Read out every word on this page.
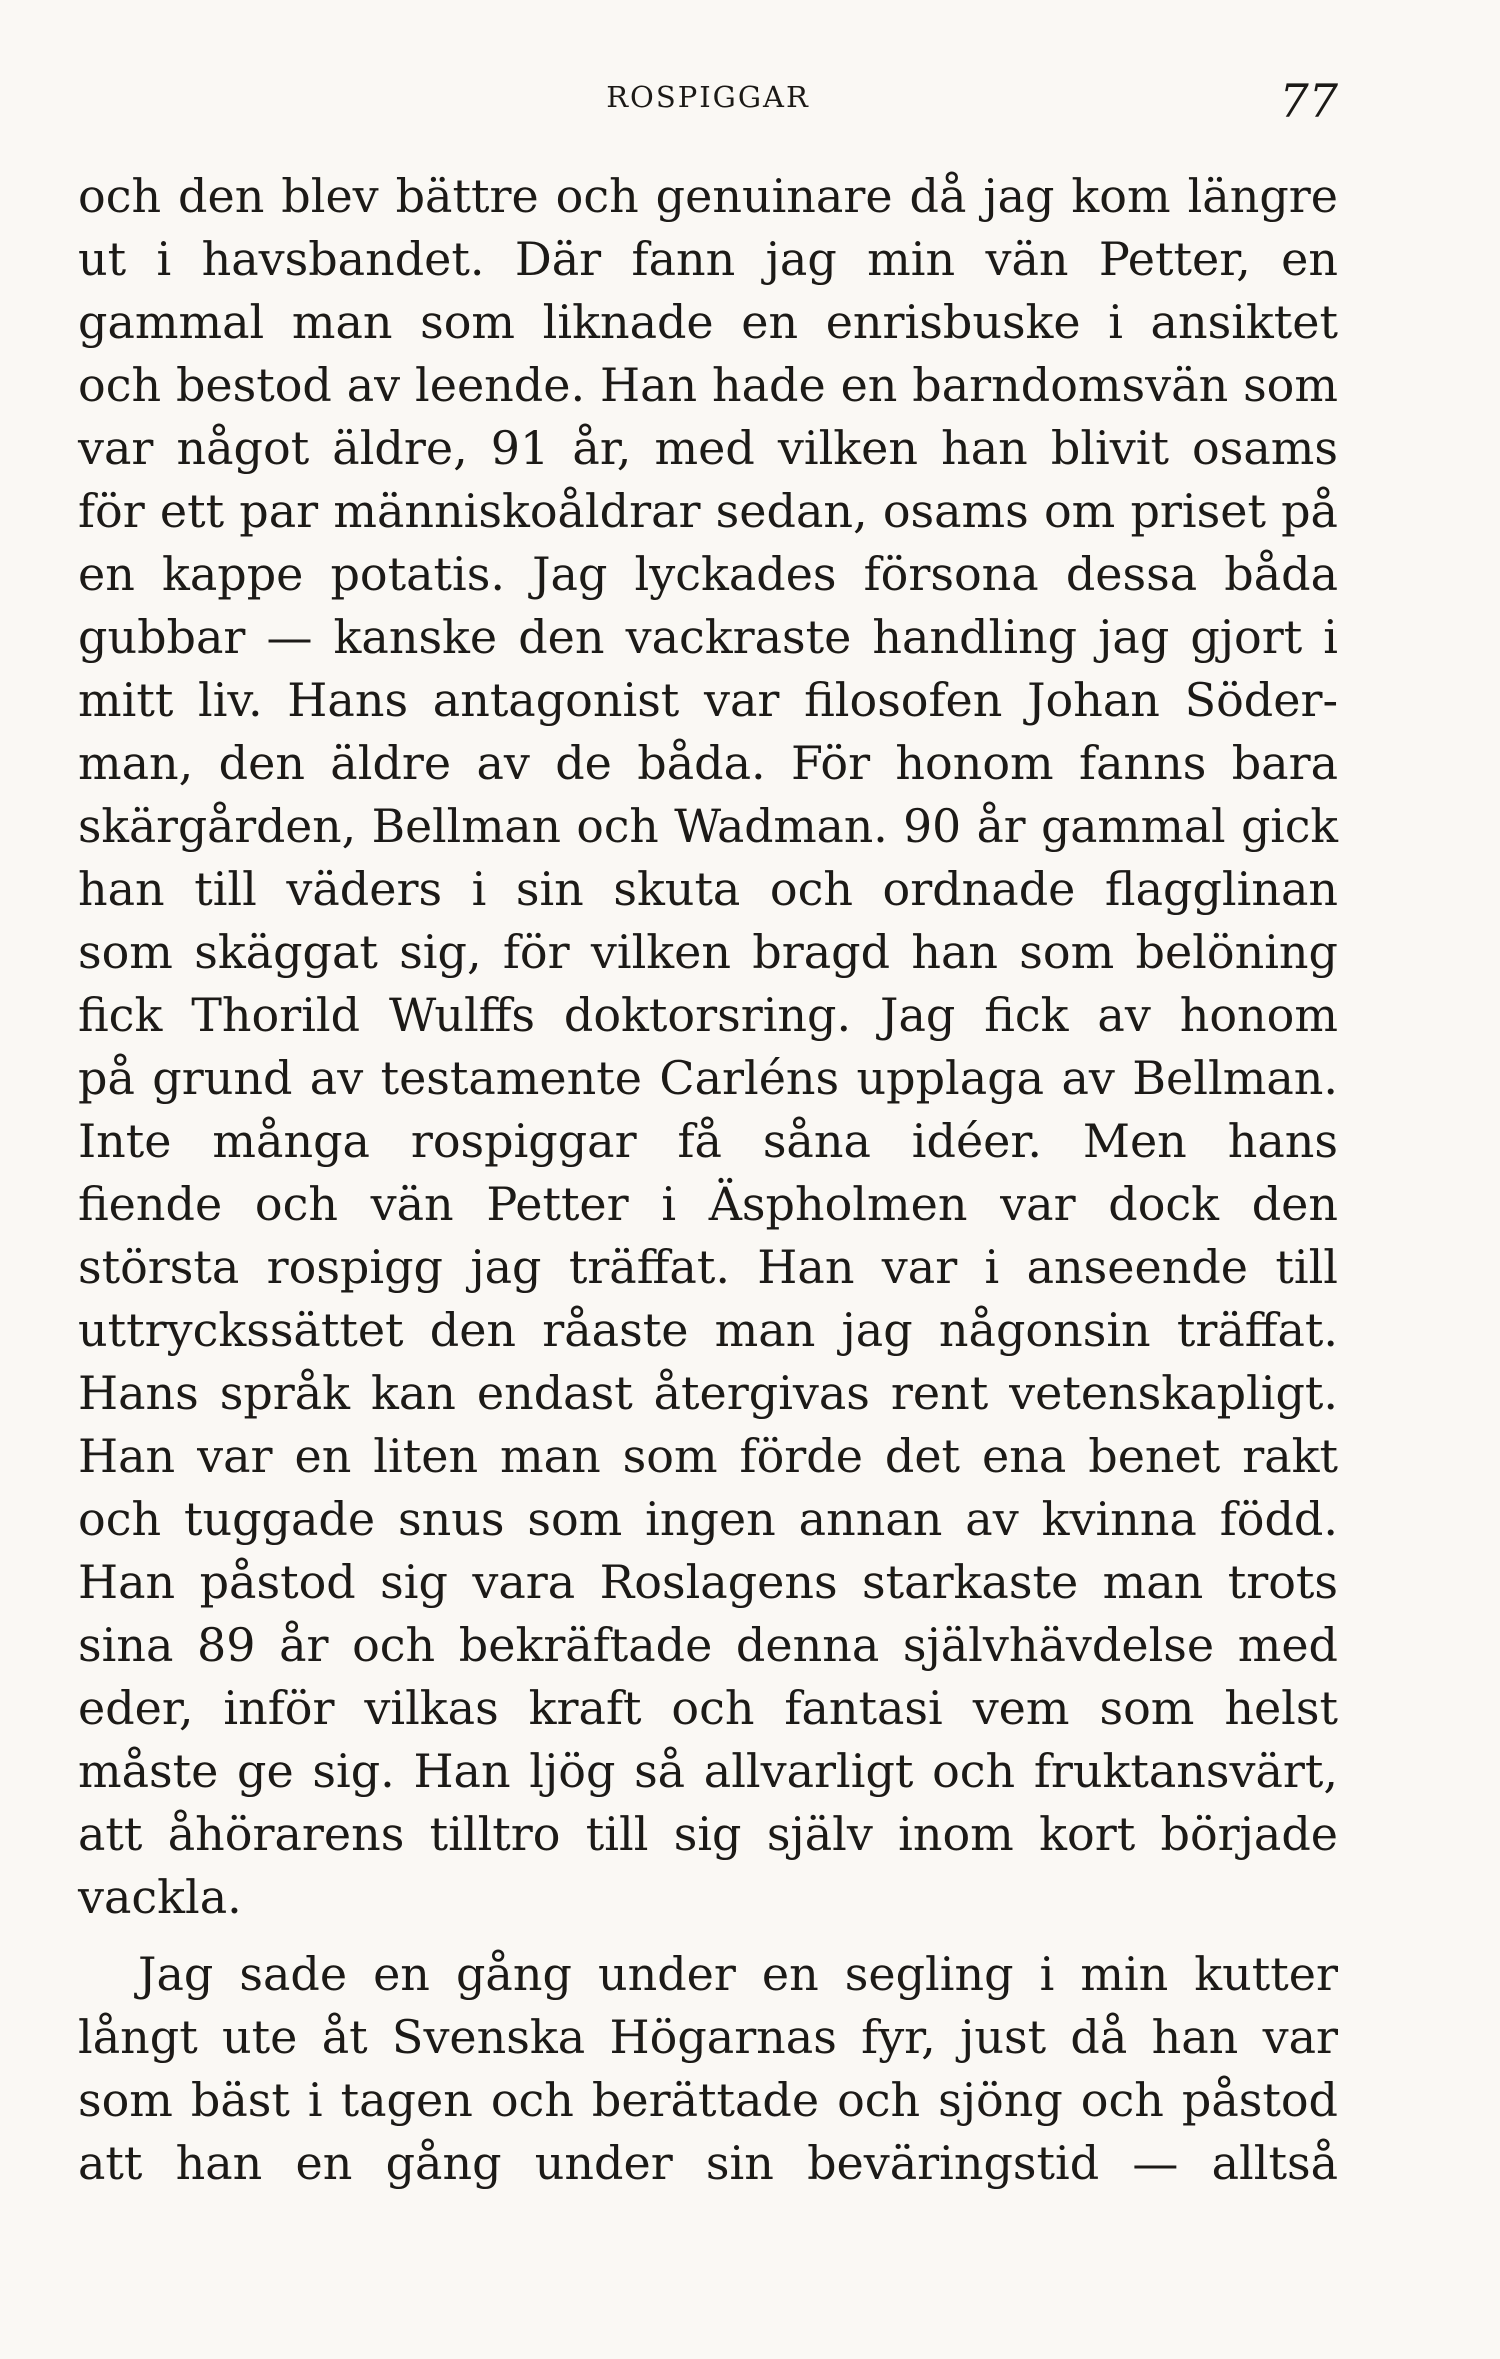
ROSPIGGAR	77
och den blev bättre och genuinare då jag kom längre
ut i havsbandet. Där fann jag min vän Petter, en
gammal man som liknade en enrisbuske i ansiktet
och bestod av leende. Han hade en barndomsvän som
var något äldre, 91 år, med vilken han blivit osams
för ett par människoåldrar sedan, osams om priset på
en kappe potatis. Jag lyckades försona dessa båda
gubbar — kanske den vackraste handling jag gjort i
mitt liv. Hans antagonist var filosofen Johan Söder-
man, den äldre av de båda. För honom fanns bara
skärgården, Bellman och Wadman. 90 år gammal gick
han till väders i sin skuta och ordnade flagglinan
som skäggat sig, för vilken bragd han som belöning
fick Thorild Wulffs doktorsring. Jag fick av honom
på grund av testamente Carléns upplaga av Bellman.
Inte många rospiggar få såna idéer. Men hans
fiende och vän Petter i Äspholmen var dock den
största rospigg jag träffat. Han var i anseende till
uttryckssättet den råaste man jag någonsin träffat.
Hans språk kan endast återgivas rent vetenskapligt.
Han var en liten man som förde det ena benet rakt
och tuggade snus som ingen annan av kvinna född.
Han påstod sig vara Roslagens starkaste man trots
sina 89 år och bekräftade denna självhävdelse med
eder, inför vilkas kraft och fantasi vem som helst
måste ge sig. Han ljög så allvarligt och fruktansvärt,
att åhörarens tilltro till sig själv inom kort började
vackla.
Jag sade en gång under en segling i min kutter
långt ute åt Svenska Högarnas fyr, just då han var
som bäst i tagen och berättade och sjöng och påstod
att han en gång under sin beväringstid — alltså
